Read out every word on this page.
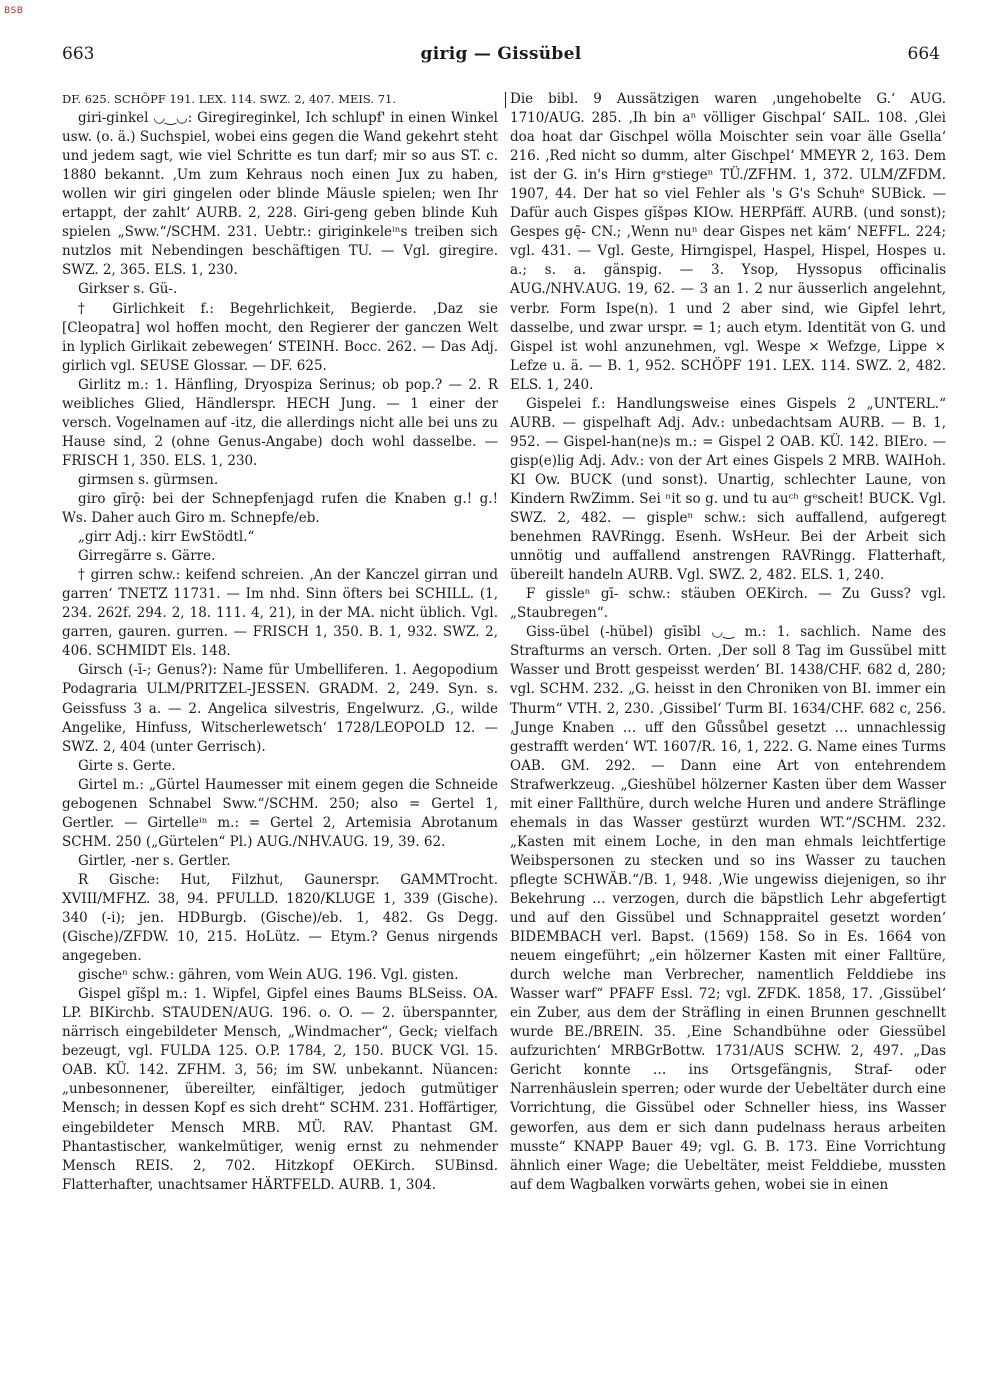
BSB
663	girig — Gissübel	664

DF. 625. SCHÖPF 191. LEX. 114. SWZ. 2, 407. MEIS. 71.

giri-ginkel ◡‿◡: Giregireginkel, Ich schlupf' in einen Winkel usw. (o. ä.) Suchspiel, wobei eins gegen die Wand gekehrt steht und jedem sagt, wie viel Schritte es tun darf; mir so aus ST. c. 1880 bekannt. ‚Um zum Kehraus noch einen Jux zu haben, wollen wir giri gingelen oder blinde Mäusle spielen; wen Ihr ertappt, der zahlt‘ AURB. 2, 228. Giri-geng geben blinde Kuh spielen „Sww.“/SCHM. 231. Uebtr.: giriginkeleⁱⁿs treiben sich nutzlos mit Nebendingen beschäftigen TU. — Vgl. giregire. SWZ. 2, 365. ELS. 1, 230.

Girkser s. Gü-.

† Girlichkeit f.: Begehrlichkeit, Begierde. ‚Daz sie [Cleopatra] wol hoffen mocht, den Regierer der ganczen Welt in lyplich Girlikait zebewegen‘ STEINH. Bocc. 262. — Das Adj. girlich vgl. SEUSE Glossar. — DF. 625.

Girlitz m.: 1. Hänfling, Dryospiza Serinus; ob pop.? — 2. R weibliches Glied, Händlerspr. HECH Jung. — 1 einer der versch. Vogelnamen auf -itz, die allerdings nicht alle bei uns zu Hause sind, 2 (ohne Genus-Angabe) doch wohl dasselbe. — FRISCH 1, 350. ELS. 1, 230.

girmsen s. gürmsen.

giro gīrǭ: bei der Schnepfenjagd rufen die Knaben g.! g.! Ws. Daher auch Giro m. Schnepfe/eb.

„girr Adj.: kirr EwStödtl.“

Girregärre s. Gärre.

† girren schw.: keifend schreien. ‚An der Kanczel girran und garren‘ TNETZ 11731. — Im nhd. Sinn öfters bei SCHILL. (1, 234. 262f. 294. 2, 18. 111. 4, 21), in der MA. nicht üblich. Vgl. garren, gauren. gurren. — FRISCH 1, 350. B. 1, 932. SWZ. 2, 406. SCHMIDT Els. 148.

Girsch (-ī-; Genus?): Name für Umbelliferen. 1. Aegopodium Podagraria ULM/PRITZEL-JESSEN. GRADM. 2, 249. Syn. s. Geissfuss 3 a. — 2. Angelica silvestris, Engelwurz. ‚G., wilde Angelike, Hinfuss, Witscherlewetsch‘ 1728/LEOPOLD 12. — SWZ. 2, 404 (unter Gerrisch).

Girte s. Gerte.

Girtel m.: „Gürtel Haumesser mit einem gegen die Schneide gebogenen Schnabel Sww.“/SCHM. 250; also = Gertel 1, Gertler. — Girtelleⁱⁿ m.: = Gertel 2, Artemisia Abrotanum SCHM. 250 („Gürtelen“ Pl.) AUG./NHV.AUG. 19, 39. 62.

Girtler, -ner s. Gertler.

R Gische: Hut, Filzhut, Gaunerspr. GAMMTrocht. XVIII/MFHZ. 38, 94. PFULLD. 1820/KLUGE 1, 339 (Gische). 340 (-i); jen. HDBurgb. (Gische)/eb. 1, 482. Gs Degg. (Gische)/ZFDW. 10, 215. HoLütz. — Etym.? Genus nirgends angegeben.

gischeⁿ schw.: gähren, vom Wein AUG. 196. Vgl. gisten.

Gispel gĭšpl m.: 1. Wipfel, Gipfel eines Baums BLSeiss. OA. LP. BIKirchb. STAUDEN/AUG. 196. o. O. — 2. überspannter, närrisch eingebildeter Mensch, „Windmacher“, Geck; vielfach bezeugt, vgl. FULDA 125. O.P. 1784, 2, 150. BUCK VGl. 15. OAB. KÜ. 142. ZFHM. 3, 56; im SW. unbekannt. Nüancen: „unbesonnener, übereilter, einfältiger, jedoch gutmütiger Mensch; in dessen Kopf es sich dreht“ SCHM. 231. Hoffärtiger, eingebildeter Mensch MRB. MÜ. RAV. Phantast GM. Phantastischer, wankelmütiger, wenig ernst zu nehmender Mensch REIS. 2, 702. Hitzkopf OEKirch. SUBinsd. Flatterhafter, unachtsamer HÄRTFELD. AURB. 1, 304.

Die bibl. 9 Aussätzigen waren ‚ungehobelte G.‘ AUG. 1710/AUG. 285. ‚Ih bin aⁿ völliger Gischpal‘ SAIL. 108. ‚Glei doa hoat dar Gischpel wölla Moischter sein voar älle Gsella‘ 216. ‚Red nicht so dumm, alter Gischpel‘ MMEYR 2, 163. Dem ist der G. in's Hirn gᵉstiegeⁿ TÜ./ZFHM. 1, 372. ULM/ZFDM. 1907, 44. Der hat so viel Fehler als 's G's Schuhᵉ SUBick. — Dafür auch Gispes gĭšpəs KIOw. HERPfäff. AURB. (und sonst); Gespes gę̄- CN.; ‚Wenn nuⁿ dear Gispes net käm‘ NEFFL. 224; vgl. 431. — Vgl. Geste, Hirngispel, Haspel, Hispel, Hospes u. a.; s. a. gänspig. — 3. Ysop, Hyssopus officinalis AUG./NHV.AUG. 19, 62. — 3 an 1. 2 nur äusserlich angelehnt, verbr. Form Ispe(n). 1 und 2 aber sind, wie Gipfel lehrt, dasselbe, und zwar urspr. = 1; auch etym. Identität von G. und Gispel ist wohl anzunehmen, vgl. Wespe × Wefzge, Lippe × Lefze u. ä. — B. 1, 952. SCHÖPF 191. LEX. 114. SWZ. 2, 482. ELS. 1, 240.

Gispelei f.: Handlungsweise eines Gispels 2 „UNTERL.“ AURB. — gispelhaft Adj. Adv.: unbedachtsam AURB. — B. 1, 952. — Gispel-han(ne)s m.: = Gispel 2 OAB. KÜ. 142. BIEro. — gisp(e)lig Adj. Adv.: von der Art eines Gispels 2 MRB. WAIHoh. KI Ow. BUCK (und sonst). Unartig, schlechter Laune, von Kindern RwZimm. Sei ⁿit so g. und tu auᶜʰ gᵉscheit! BUCK. Vgl. SWZ. 2, 482. — gispleⁿ schw.: sich auffallend, aufgeregt benehmen RAVRingg. Esenh. WsHeur. Bei der Arbeit sich unnötig und auffallend anstrengen RAVRingg. Flatterhaft, übereilt handeln AURB. Vgl. SWZ. 2, 482. ELS. 1, 240.

F gissleⁿ gī- schw.: stäuben OEKirch. — Zu Guss? vgl. „Staubregen“.

Giss-übel (-hübel) gīsībl ◡‿ m.: 1. sachlich. Name des Strafturms an versch. Orten. ‚Der soll 8 Tag im Gussübel mitt Wasser und Brott gespeisst werden‘ BI. 1438/CHF. 682 d, 280; vgl. SCHM. 232. „G. heisst in den Chroniken von BI. immer ein Thurm“ VTH. 2, 230. ‚Gissibel‘ Turm BI. 1634/CHF. 682 c, 256. ‚Junge Knaben … uff den Gůssůbel gesetzt … unnachlessig gestrafft werden‘ WT. 1607/R. 16, 1, 222. G. Name eines Turms OAB. GM. 292. — Dann eine Art von entehrendem Strafwerkzeug. „Gieshübel hölzerner Kasten über dem Wasser mit einer Fallthüre, durch welche Huren und andere Sträflinge ehemals in das Wasser gestürzt wurden WT.“/SCHM. 232. „Kasten mit einem Loche, in den man ehmals leichtfertige Weibspersonen zu stecken und so ins Wasser zu tauchen pflegte SCHWÄB.“/B. 1, 948. ‚Wie ungewiss diejenigen, so ihr Bekehrung … verzogen, durch die bäpstlich Lehr abgefertigt und auf den Gissübel und Schnappraitel gesetzt worden‘ BIDEMBACH verl. Bapst. (1569) 158. So in Es. 1664 von neuem eingeführt; „ein hölzerner Kasten mit einer Falltüre, durch welche man Verbrecher, namentlich Felddiebe ins Wasser warf“ PFAFF Essl. 72; vgl. ZFDK. 1858, 17. ‚Gissübel‘ ein Zuber, aus dem der Sträfling in einen Brunnen geschnellt wurde BE./BREIN. 35. ‚Eine Schandbühne oder Giessübel aufzurichten‘ MRBGrBottw. 1731/AUS SCHW. 2, 497. „Das Gericht konnte … ins Ortsgefängnis, Straf- oder Narrenhäuslein sperren; oder wurde der Uebeltäter durch eine Vorrichtung, die Gissübel oder Schneller hiess, ins Wasser geworfen, aus dem er sich dann pudelnass heraus arbeiten musste“ KNAPP Bauer 49; vgl. G. B. 173. Eine Vorrichtung ähnlich einer Wage; die Uebeltäter, meist Felddiebe, mussten auf dem Wagbalken vorwärts gehen, wobei sie in einen
